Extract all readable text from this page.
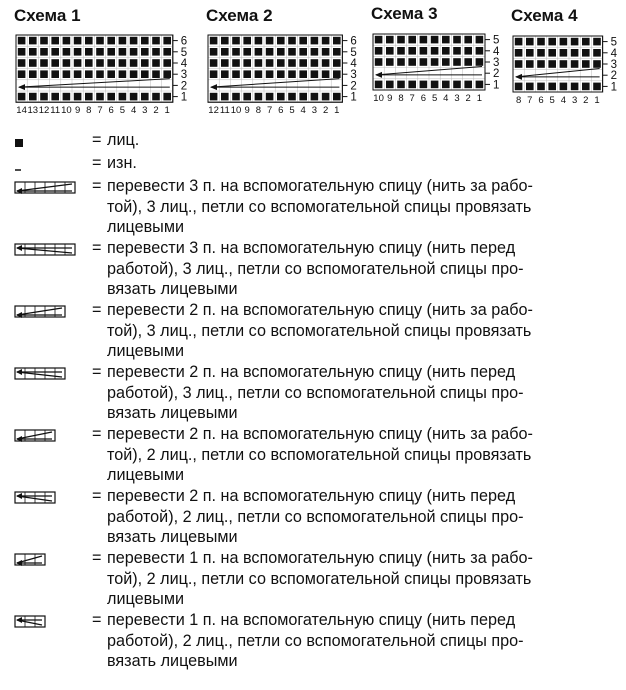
Схема 1
6
5
4
3
2
1
14 13 12 11 10 9 8 7 6 5 4 3 2 1
Схема 2
6
5
4
3
2
1
12 11 10 9 8 7 6 5 4 3 2 1
Схема 3
5
4
3
2
1
10 9 8 7 6 5 4 3 2 1
Схема 4
5
4
3
2
1
8 7 6 5 4 3 2 1
= лиц.
= изн.
= перевести 3 п. на вспомогательную спицу (нить за рабо-
той), 3 лиц., петли со вспомогательной спицы провязать
лицевыми
= перевести 3 п. на вспомогательную спицу (нить перед
работой), 3 лиц., петли со вспомогательной спицы про-
вязать лицевыми
= перевести 2 п. на вспомогательную спицу (нить за рабо-
той), 3 лиц., петли со вспомогательной спицы провязать
лицевыми
= перевести 2 п. на вспомогательную спицу (нить перед
работой), 3 лиц., петли со вспомогательной спицы про-
вязать лицевыми
= перевести 2 п. на вспомогательную спицу (нить за рабо-
той), 2 лиц., петли со вспомогательной спицы провязать
лицевыми
= перевести 2 п. на вспомогательную спицу (нить перед
работой), 2 лиц., петли со вспомогательной спицы про-
вязать лицевыми
= перевести 1 п. на вспомогательную спицу (нить за рабо-
той), 2 лиц., петли со вспомогательной спицы провязать
лицевыми
= перевести 1 п. на вспомогательную спицу (нить перед
работой), 2 лиц., петли со вспомогательной спицы про-
вязать лицевыми
